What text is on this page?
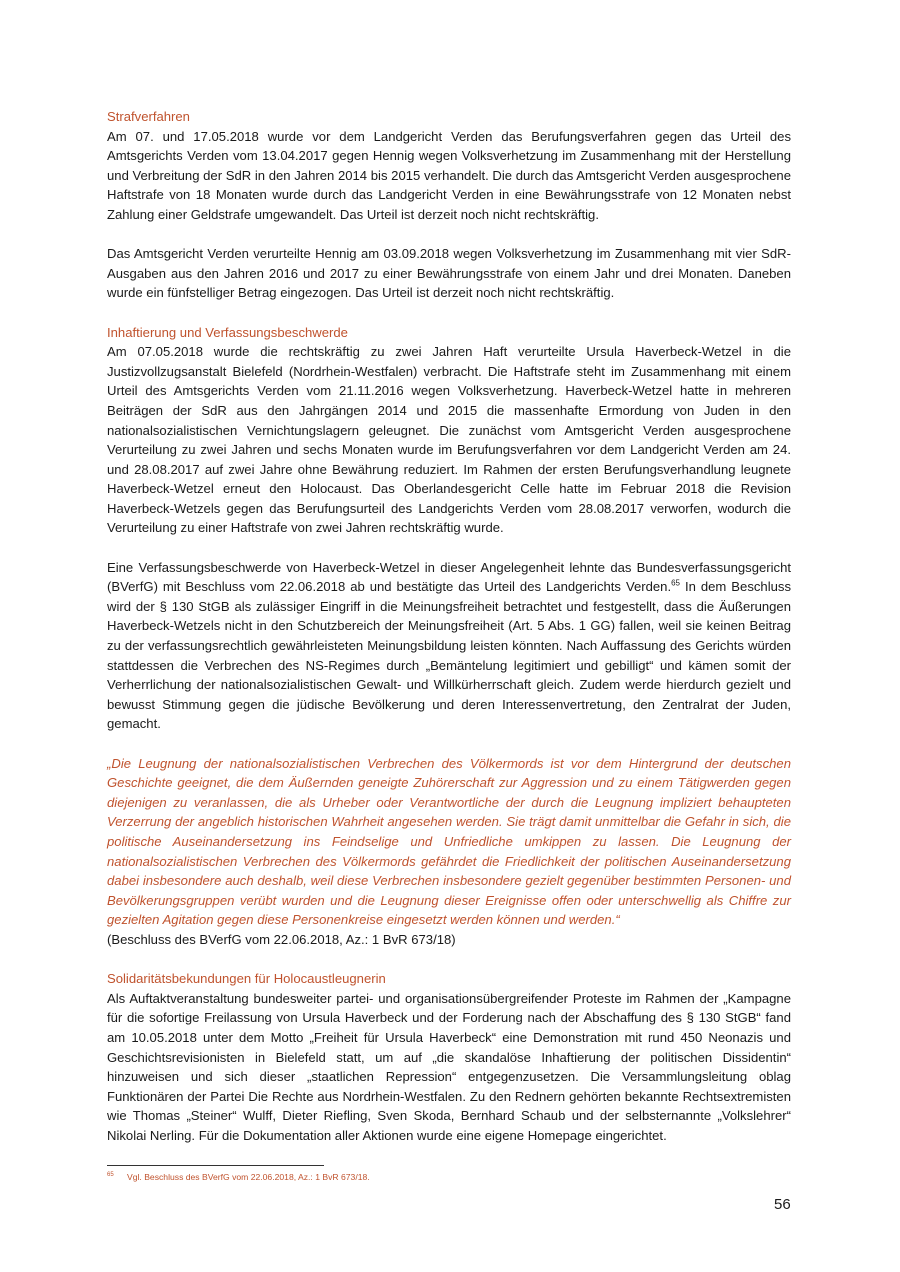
Strafverfahren

Am 07. und 17.05.2018 wurde vor dem Landgericht Verden das Berufungsverfahren gegen das Urteil des Amtsgerichts Verden vom 13.04.2017 gegen Hennig wegen Volksverhetzung im Zusammenhang mit der Herstellung und Verbreitung der SdR in den Jahren 2014 bis 2015 verhandelt. Die durch das Amtsgericht Verden ausgesprochene Haftstrafe von 18 Monaten wurde durch das Landgericht Verden in eine Bewährungsstrafe von 12 Monaten nebst Zahlung einer Geldstrafe umgewandelt. Das Urteil ist derzeit noch nicht rechtskräftig.

Das Amtsgericht Verden verurteilte Hennig am 03.09.2018 wegen Volksverhetzung im Zusammenhang mit vier SdR-Ausgaben aus den Jahren 2016 und 2017 zu einer Bewährungsstrafe von einem Jahr und drei Monaten. Daneben wurde ein fünfstelliger Betrag eingezogen. Das Urteil ist derzeit noch nicht rechtskräftig.

Inhaftierung und Verfassungsbeschwerde

Am 07.05.2018 wurde die rechtskräftig zu zwei Jahren Haft verurteilte Ursula Haverbeck-Wetzel in die Justizvollzugsanstalt Bielefeld (Nordrhein-Westfalen) verbracht. Die Haftstrafe steht im Zusammenhang mit einem Urteil des Amtsgerichts Verden vom 21.11.2016 wegen Volksverhetzung. Haverbeck-Wetzel hatte in mehreren Beiträgen der SdR aus den Jahrgängen 2014 und 2015 die massenhafte Ermordung von Juden in den nationalsozialistischen Vernichtungslagern geleugnet. Die zunächst vom Amtsgericht Verden ausgesprochene Verurteilung zu zwei Jahren und sechs Monaten wurde im Berufungsverfahren vor dem Landgericht Verden am 24. und 28.08.2017 auf zwei Jahre ohne Bewährung reduziert. Im Rahmen der ersten Berufungsverhandlung leugnete Haverbeck-Wetzel erneut den Holocaust. Das Oberlandesgericht Celle hatte im Februar 2018 die Revision Haverbeck-Wetzels gegen das Berufungsurteil des Landgerichts Verden vom 28.08.2017 verworfen, wodurch die Verurteilung zu einer Haftstrafe von zwei Jahren rechtskräftig wurde.

Eine Verfassungsbeschwerde von Haverbeck-Wetzel in dieser Angelegenheit lehnte das Bundesverfassungsgericht (BVerfG) mit Beschluss vom 22.06.2018 ab und bestätigte das Urteil des Landgerichts Verden.$^{65}$ In dem Beschluss wird der § 130 StGB als zulässiger Eingriff in die Meinungsfreiheit betrachtet und festgestellt, dass die Äußerungen Haverbeck-Wetzels nicht in den Schutzbereich der Meinungsfreiheit (Art. 5 Abs. 1 GG) fallen, weil sie keinen Beitrag zu der verfassungsrechtlich gewährleisteten Meinungsbildung leisten könnten. Nach Auffassung des Gerichts würden stattdessen die Verbrechen des NS-Regimes durch „Bemäntelung legitimiert und gebilligt“ und kämen somit der Verherrlichung der nationalsozialistischen Gewalt- und Willkürherrschaft gleich. Zudem werde hierdurch gezielt und bewusst Stimmung gegen die jüdische Bevölkerung und deren Interessenvertretung, den Zentralrat der Juden, gemacht.

„Die Leugnung der nationalsozialistischen Verbrechen des Völkermords ist vor dem Hintergrund der deutschen Geschichte geeignet, die dem Äußernden geneigte Zuhörerschaft zur Aggression und zu einem Tätigwerden gegen diejenigen zu veranlassen, die als Urheber oder Verantwortliche der durch die Leugnung impliziert behaupteten Verzerrung der angeblich historischen Wahrheit angesehen werden. Sie trägt damit unmittelbar die Gefahr in sich, die politische Auseinandersetzung ins Feindselige und Unfriedliche umkippen zu lassen. Die Leugnung der nationalsozialistischen Verbrechen des Völkermords gefährdet die Friedlichkeit der politischen Auseinandersetzung dabei insbesondere auch deshalb, weil diese Verbrechen insbesondere gezielt gegenüber bestimmten Personen- und Bevölkerungsgruppen verübt wurden und die Leugnung dieser Ereignisse offen oder unterschwellig als Chiffre zur gezielten Agitation gegen diese Personenkreise eingesetzt werden können und werden.“

(Beschluss des BVerfG vom 22.06.2018, Az.: 1 BvR 673/18)

Solidaritätsbekundungen für Holocaustleugnerin

Als Auftaktveranstaltung bundesweiter partei- und organisationsübergreifender Proteste im Rahmen der „Kampagne für die sofortige Freilassung von Ursula Haverbeck und der Forderung nach der Abschaffung des § 130 StGB“ fand am 10.05.2018 unter dem Motto „Freiheit für Ursula Haverbeck“ eine Demonstration mit rund 450 Neonazis und Geschichtsrevisionisten in Bielefeld statt, um auf „die skandalöse Inhaftierung der politischen Dissidentin“ hinzuweisen und sich dieser „staatlichen Repression“ entgegenzusetzen. Die Versammlungsleitung oblag Funktionären der Partei Die Rechte aus Nordrhein-Westfalen. Zu den Rednern gehörten bekannte Rechtsextremisten wie Thomas „Steiner“ Wulff, Dieter Riefling, Sven Skoda, Bernhard Schaub und der selbsternannte „Volkslehrer“ Nikolai Nerling. Für die Dokumentation aller Aktionen wurde eine eigene Homepage eingerichtet.

65 Vgl. Beschluss des BVerfG vom 22.06.2018, Az.: 1 BvR 673/18.
56
